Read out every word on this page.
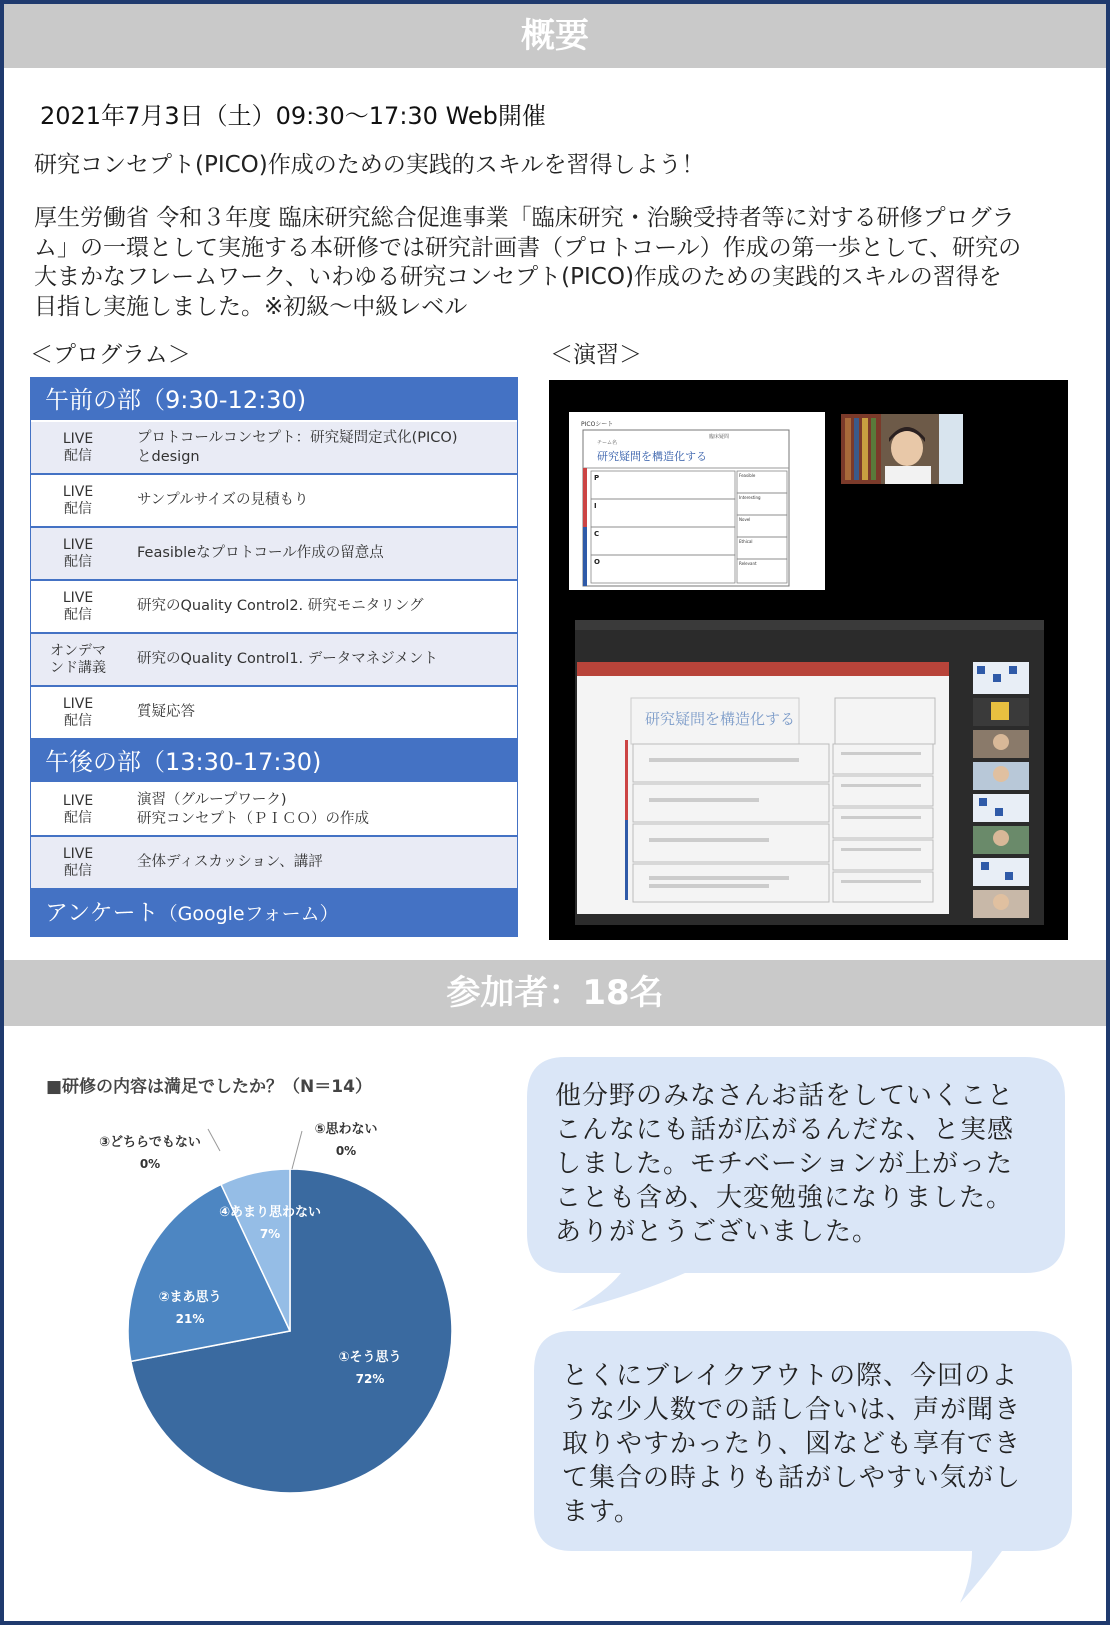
概要
2021年7月3日（土）09:30〜17:30 Web開催
研究コンセプト(PICO)作成のための実践的スキルを習得しよう！
厚生労働省 令和３年度 臨床研究総合促進事業「臨床研究・治験受持者等に対する研修プログラ
ム」の一環として実施する本研修では研究計画書（プロトコール）作成の第一歩として、研究の
大まかなフレームワーク、いわゆる研究コンセプト(PICO)作成のための実践的スキルの習得を
目指し実施しました。※初級〜中級レベル
＜プログラム＞	＜演習＞
午前の部（9:30-12:30)
LIVE
配信
プロトコールコンセプト：研究疑問定式化(PICO)
とdesign
LIVE
配信
サンプルサイズの見積もり
LIVE
配信
Feasibleなプロトコール作成の留意点
LIVE
配信
研究のQuality Control2. 研究モニタリング
オンデマ
ンド講義
研究のQuality Control1. データマネジメント
LIVE
配信
質疑応答
午後の部（13:30-17:30)
LIVE
配信
演習（グループワーク)
研究コンセプト（ＰＩＣＯ）の作成
LIVE
配信
全体ディスカッション、講評
アンケート（Googleフォーム）
PICOシート
チーム名
臨床疑問
研究疑問を構造化する
P
I
C
O
Feasible
Interesting
Novel
Ethical
Relevant
研究疑問を構造化する
参加者：18名
■研修の内容は満足でしたか？（N＝14）
①そう思う
72%
②まあ思う
21%
③どちらでもない
0%
④あまり思わない
7%
⑤思わない
0%
他分野のみなさんお話をしていくこと
こんなにも話が広がるんだな、と実感
しました。モチベーションが上がった
ことも含め、大変勉強になりました。
ありがとうございました。
とくにブレイクアウトの際、今回のよ
うな少人数での話し合いは、声が聞き
取りやすかったり、図なども享有でき
て集合の時よりも話がしやすい気がし
ます。
